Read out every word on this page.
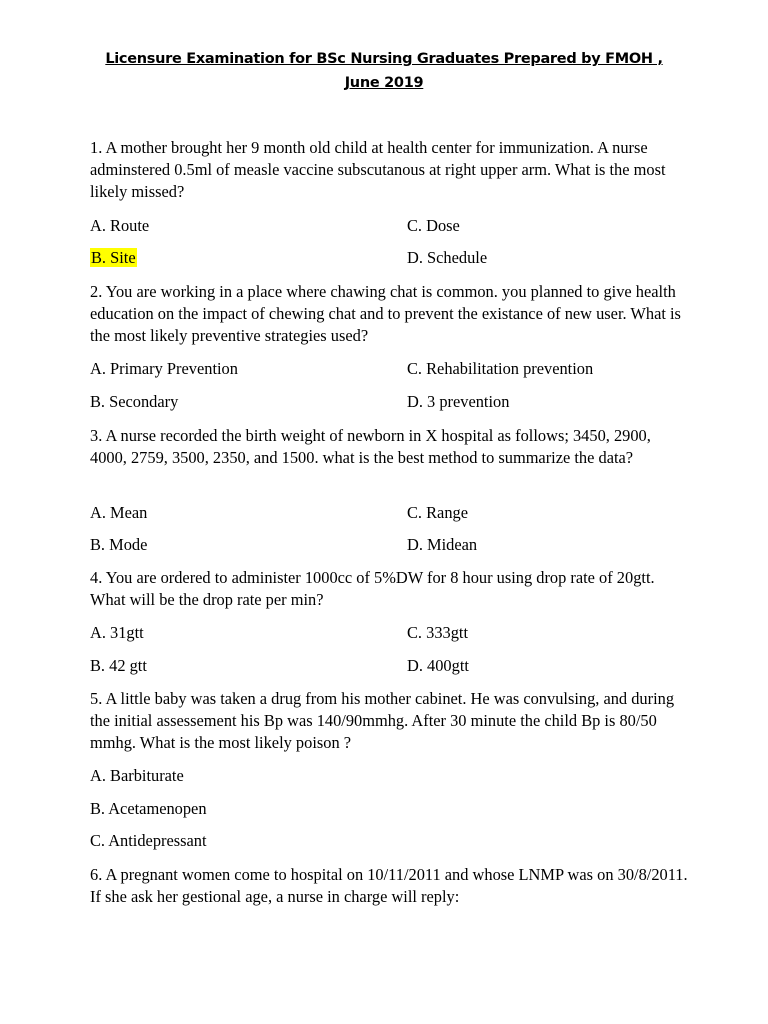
Licensure Examination for BSc Nursing Graduates Prepared by FMOH , June 2019
1. A mother brought her 9 month old child at health center for immunization. A nurse adminstered 0.5ml of measle vaccine subscutanous at right upper arm. What is the most likely missed?
A. Route	C. Dose
B. Site	D. Schedule
2. You are working in a place where chawing chat is common. you planned to give health education on the impact of chewing chat and to prevent the existance of new user. What is the most likely preventive strategies used?
A. Primary Prevention	C. Rehabilitation prevention
B. Secondary	D. 3 prevention
3. A nurse recorded the birth weight of newborn in X hospital as follows; 3450, 2900, 4000, 2759, 3500, 2350, and 1500. what is the best method to summarize the data?
A. Mean	C. Range
B. Mode	D. Midean
4. You are ordered to administer 1000cc of 5%DW for 8 hour using drop rate of 20gtt. What will be the drop rate per min?
A. 31gtt	C. 333gtt
B. 42 gtt	D. 400gtt
5. A little baby was taken a drug from his mother cabinet. He was convulsing, and during the initial assessement his Bp was 140/90mmhg. After 30 minute the child Bp is 80/50 mmhg. What is the most likely poison ?
A. Barbiturate
B. Acetamenopen
C. Antidepressant
6. A pregnant women come to hospital on 10/11/2011 and whose LNMP was on 30/8/2011. If she ask her gestional age, a nurse in charge will reply:
